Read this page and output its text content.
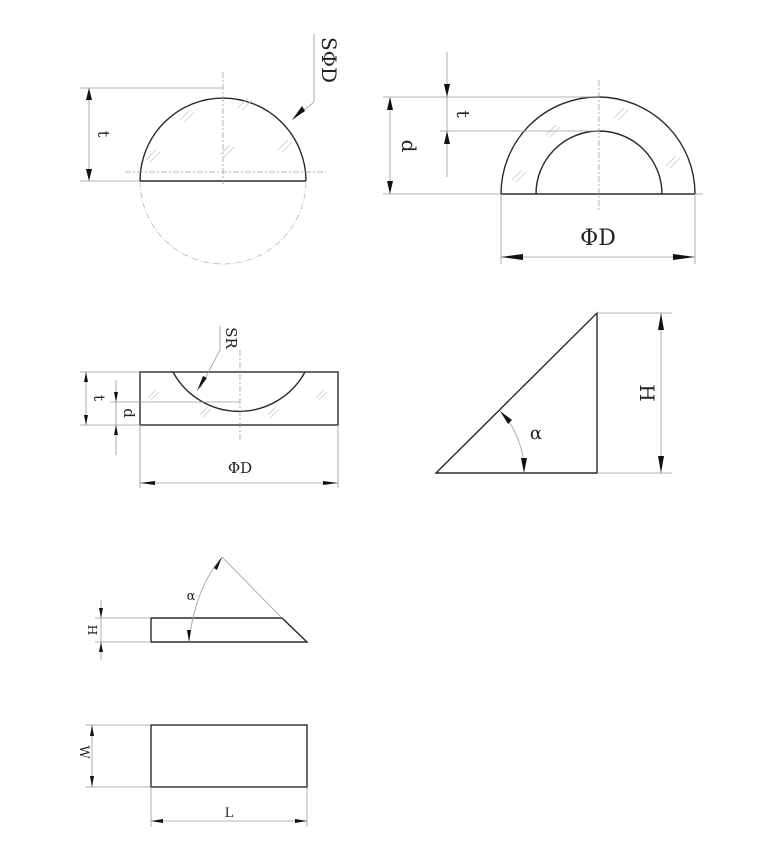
t
SΦD
d
t
ΦD
t
d
SR
ΦD
H
α
H
α
W
L
